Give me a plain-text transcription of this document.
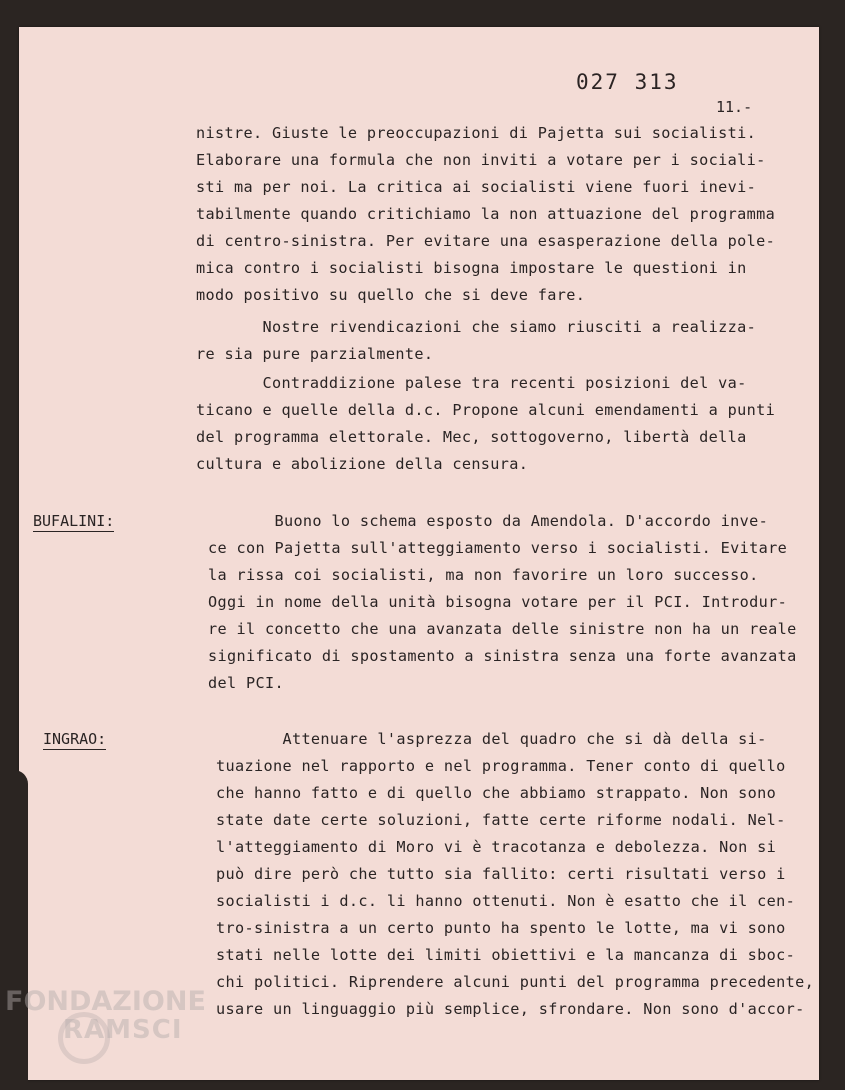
027 313
11.-
nistre. Giuste le preoccupazioni di Pajetta sui socialisti.
Elaborare una formula che non inviti a votare per i sociali-
sti ma per noi. La critica ai socialisti viene fuori inevi-
tabilmente quando critichiamo la non attuazione del programma
di centro-sinistra. Per evitare una esasperazione della pole-
mica contro i socialisti bisogna impostare le questioni in
modo positivo su quello che si deve fare.
Nostre rivendicazioni che siamo riusciti a realizza-
re sia pure parzialmente.
Contraddizione palese tra recenti posizioni del va-
ticano e quelle della d.c. Propone alcuni emendamenti a punti
del programma elettorale. Mec, sottogoverno, libertà della
cultura e abolizione della censura.
BUFALINI:	Buono lo schema esposto da Amendola. D'accordo inve-
ce con Pajetta sull'atteggiamento verso i socialisti. Evitare
la rissa coi socialisti, ma non favorire un loro successo.
Oggi in nome della unità bisogna votare per il PCI. Introdur-
re il concetto che una avanzata delle sinistre non ha un reale
significato di spostamento a sinistra senza una forte avanzata
del PCI.
INGRAO:	Attenuare l'asprezza del quadro che si dà della si-
tuazione nel rapporto e nel programma. Tener conto di quello
che hanno fatto e di quello che abbiamo strappato. Non sono
state date certe soluzioni, fatte certe riforme nodali. Nel-
l'atteggiamento di Moro vi è tracotanza e debolezza. Non si
può dire però che tutto sia fallito: certi risultati verso i
socialisti i d.c. li hanno ottenuti. Non è esatto che il cen-
tro-sinistra a un certo punto ha spento le lotte, ma vi sono
stati nelle lotte dei limiti obiettivi e la mancanza di sboc-
chi politici. Riprendere alcuni punti del programma precedente,
usare un linguaggio più semplice, sfrondare. Non sono d'accor-
FONDAZIONE
RAMSCI
